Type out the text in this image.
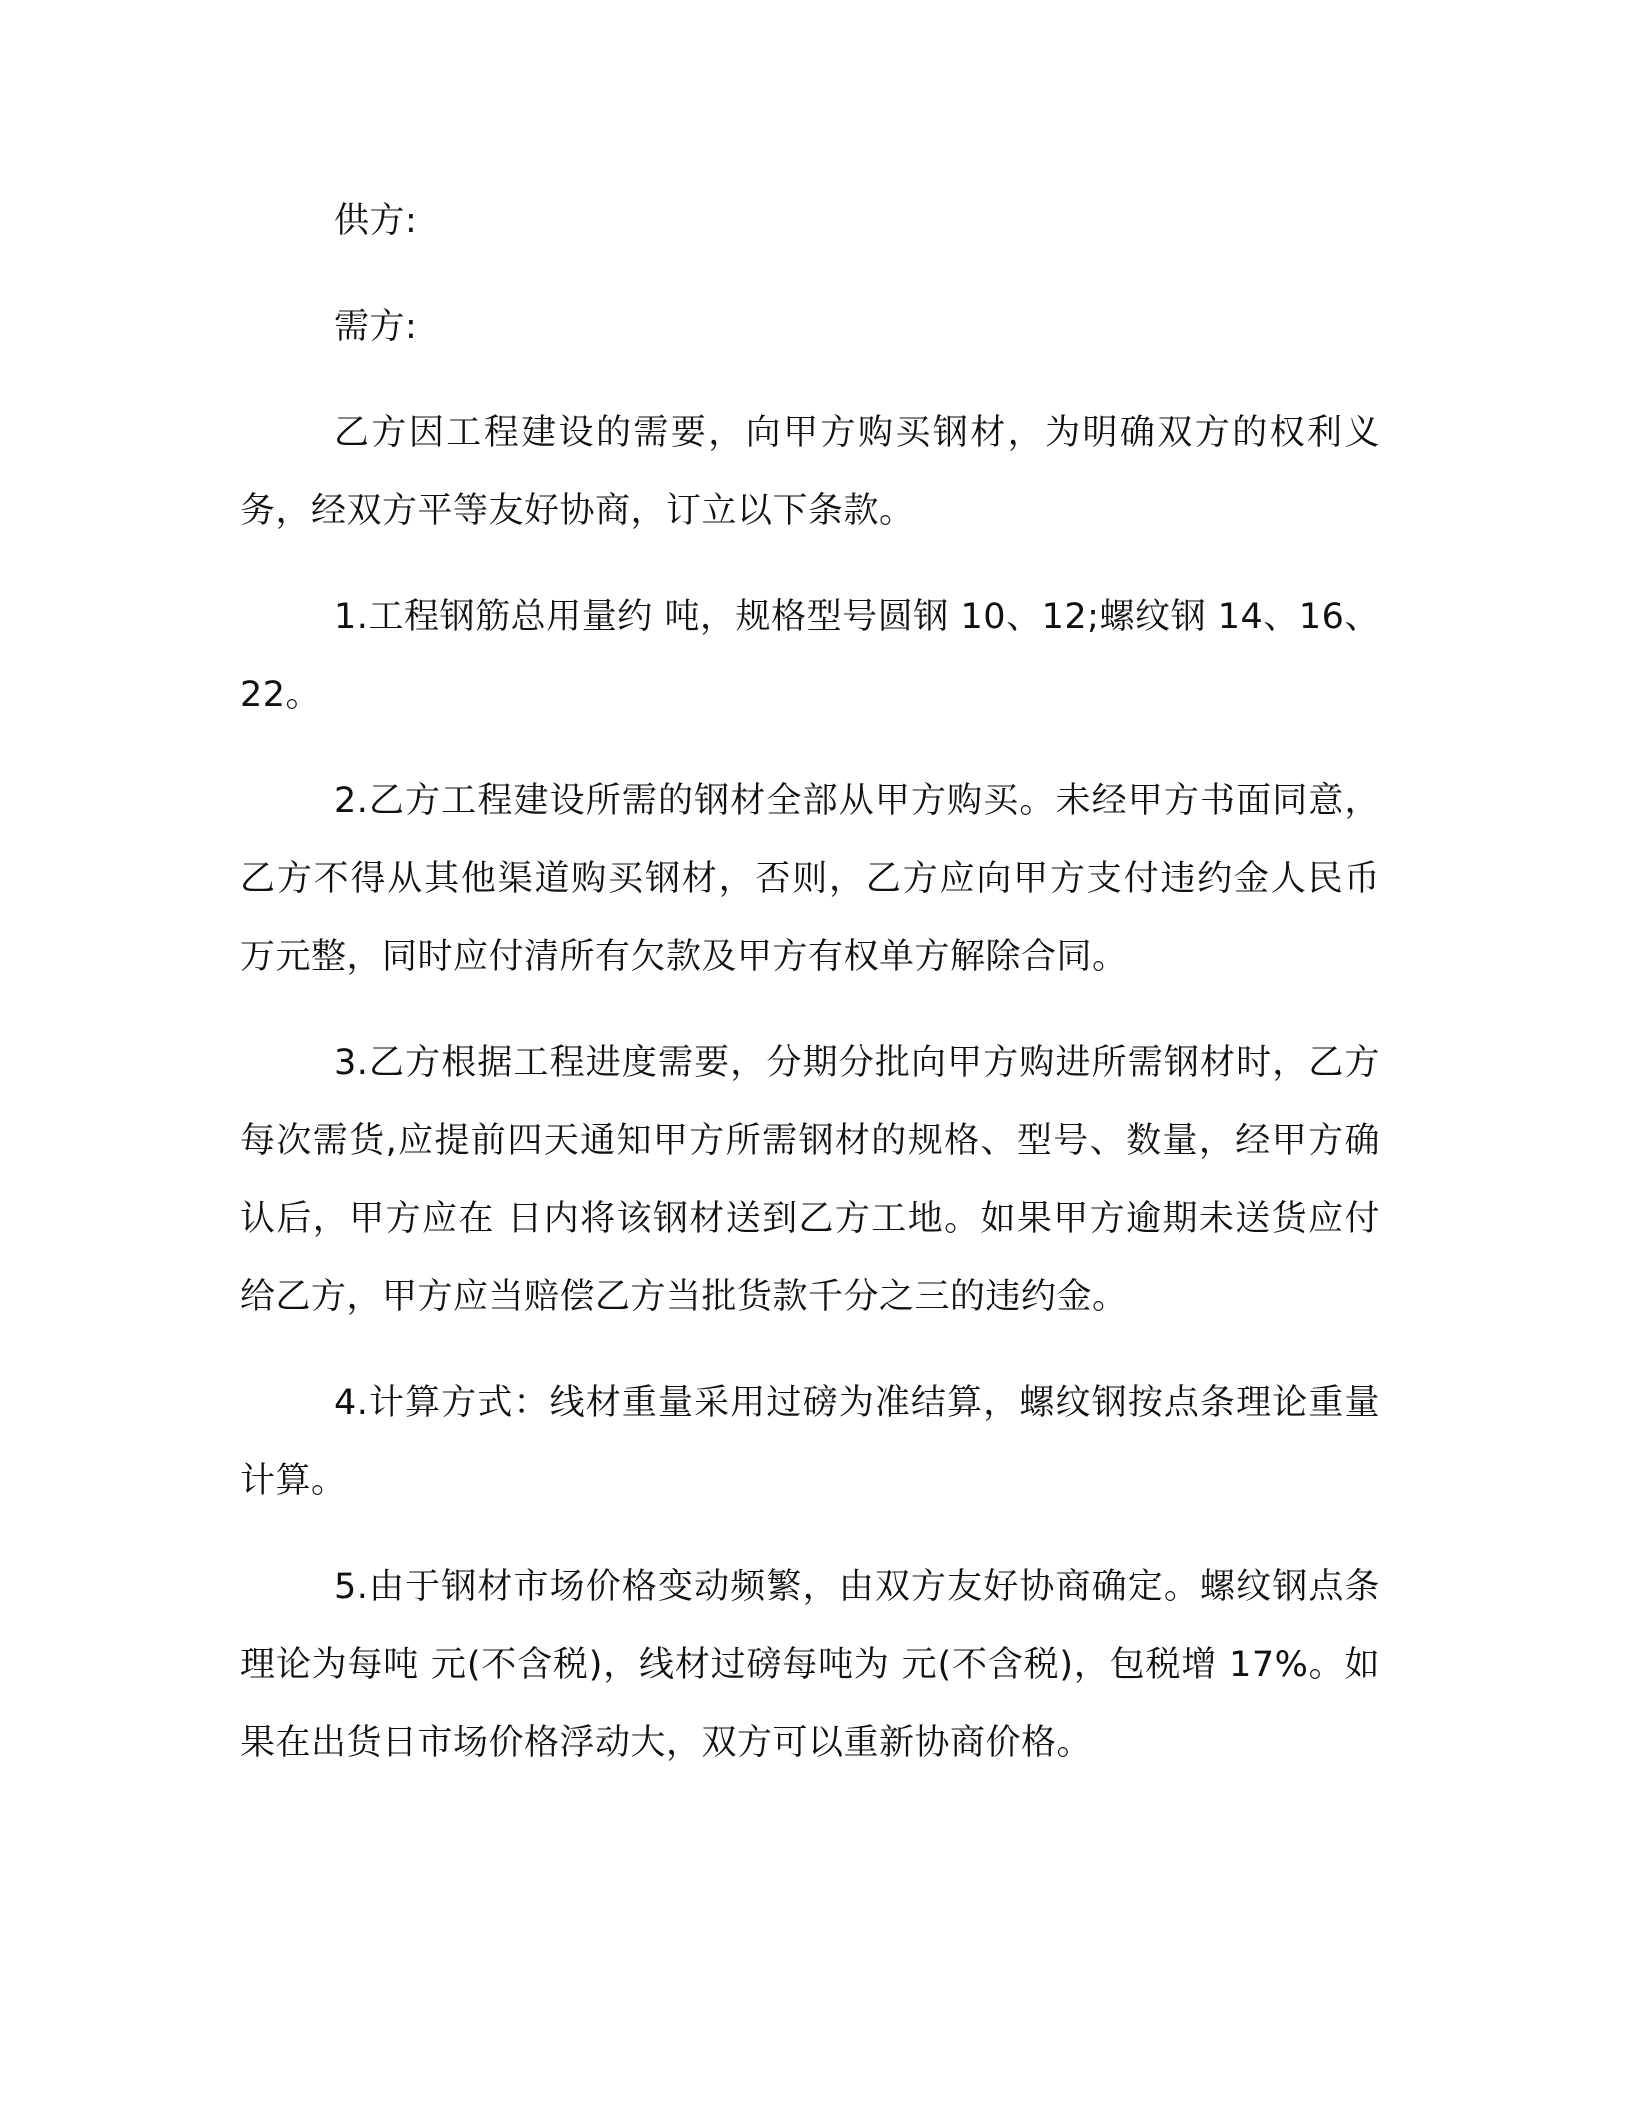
供方:

需方:

乙方因工程建设的需要，向甲方购买钢材，为明确双方的权利义务，经双方平等友好协商，订立以下条款。

1.工程钢筋总用量约 吨，规格型号圆钢 10、12;螺纹钢 14、16、22。

2.乙方工程建设所需的钢材全部从甲方购买。未经甲方书面同意，乙方不得从其他渠道购买钢材，否则，乙方应向甲方支付违约金人民币 万元整，同时应付清所有欠款及甲方有权单方解除合同。

3.乙方根据工程进度需要，分期分批向甲方购进所需钢材时，乙方每次需货,应提前四天通知甲方所需钢材的规格、型号、数量，经甲方确认后，甲方应在 日内将该钢材送到乙方工地。如果甲方逾期未送货应付给乙方，甲方应当赔偿乙方当批货款千分之三的违约金。

4.计算方式：线材重量采用过磅为准结算，螺纹钢按点条理论重量计算。

5.由于钢材市场价格变动频繁，由双方友好协商确定。螺纹钢点条理论为每吨 元(不含税)，线材过磅每吨为 元(不含税)，包税增 17%。如果在出货日市场价格浮动大，双方可以重新协商价格。
